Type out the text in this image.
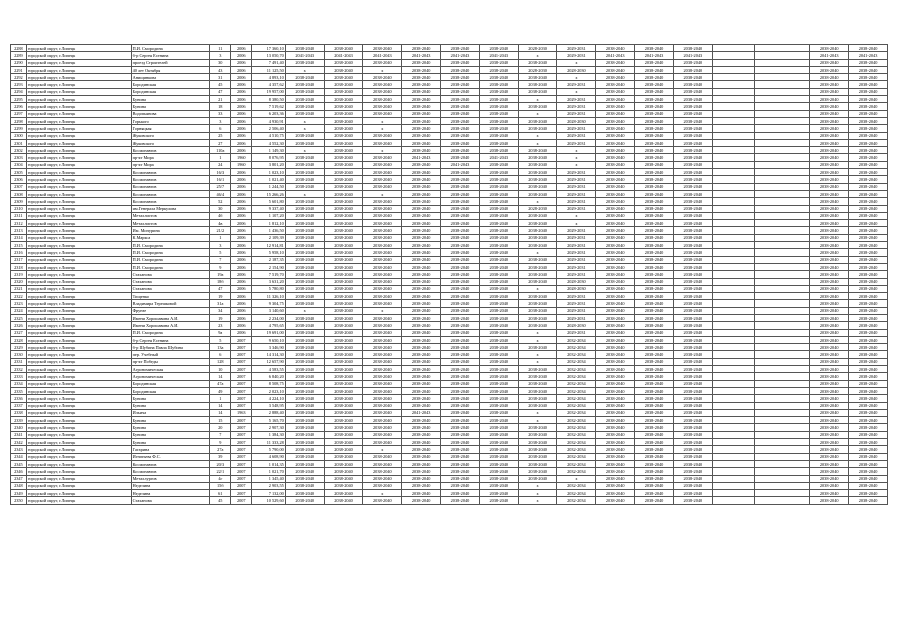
2288	городской округ, г.Липецк	П.И. Смородина	11	2006	17 360,10	2038-2040	2038-2040	2038-2040	2038-2040	2038-2040	2038-2040	2028-2030	2029-2031	2038-2040	2038-2040	2038-2040			2038-2040	2038-2040
2289	городской округ, г.Липецк	б-р Сергея Есенина	3	2006	13 050,70	2041-2043	2041-2043	2041-2043	2041-2043	2041-2043	2041-2043	х	2029-2031	2041-2043	2041-2043	2041-2043			2041-2043	2041-2043
2290	городской округ, г.Липецк	проезд Строителей	30	2006	7 491,40	2038-2040	2038-2040	2038-2040	2038-2040	2038-2040	2038-2040	2038-2040	х	2038-2040	2038-2040	2038-2040			2038-2040	2038-2040
2291	городской округ, г.Липецк	40 лет Октября	43	2006	11 125,50	х	2038-2040	х	2038-2040	2038-2040	2038-2040	2028-2030	2028-2030	2038-2040	2038-2040	2038-2040			2038-2040	2038-2040
2292	городской округ, г.Липецк	Анищинкова	31	2006	4 893,10	2038-2040	2038-2040	2038-2040	2038-2040	2038-2040	2038-2040	2038-2040	х	2038-2040	2038-2040	2038-2040			2038-2040	2038-2040
2293	городской округ, г.Липецк	Бородинская	45	2006	4 357,62	2038-2040	2038-2040	2038-2040	2038-2040	2038-2040	2038-2040	2038-2040	2029-2031	2038-2040	2038-2040	2038-2040			2038-2040	2038-2040
2294	городской округ, г.Липецк	Бородинская	47	2006	19 957,00	2038-2040	2038-2040	2038-2040	2038-2040	2038-2040	2038-2040	2038-2040	х	2038-2040	2038-2040	2038-2040			2038-2040	2038-2040
2295	городской округ, г.Липецк	Бунина	21	2006	8 380,50	2038-2040	2038-2040	2038-2040	2038-2040	2038-2040	2038-2040	х	2029-2031	2038-2040	2038-2040	2038-2040			2038-2040	2038-2040
2296	городской округ, г.Липецк	Бунина	18	2006	7 519,62	2038-2040	2038-2040	2038-2040	2038-2040	2038-2040	2038-2040	2038-2040	2029-2031	2038-2040	2038-2040	2038-2040			2038-2040	2038-2040
2297	городской округ, г.Липецк	Водопьянова	33	2006	6 203,36	2038-2040	2038-2040	2038-2040	2038-2040	2038-2040	2038-2040	х	2029-2031	2038-2040	2038-2040	2038-2040			2038-2040	2038-2040
2298	городской округ, г.Липецк	Горького	3	2006	4 930,91	х	2038-2040	х	2038-2040	2038-2040	2038-2040	2038-2040	2028-2030	2038-2040	2038-2040	2038-2040			2038-2040	2038-2040
2299	городской округ, г.Липецк	Горняцкая	6	2006	2 506,40	х	2038-2040	х	2038-2040	2038-2040	2038-2040	2038-2040	2029-2031	2038-2040	2038-2040	2038-2040			2038-2040	2038-2040
2300	городской округ, г.Липецк	Жуковского	25	2006	4 510,75	2038-2040	2038-2040	2038-2040	2038-2040	2038-2040	2038-2040	х	2029-2031	2038-2040	2038-2040	2038-2040			2038-2040	2038-2040
2301	городской округ, г.Липецк	Жуковского	27	2006	4 552,30	2038-2040	2038-2040	2038-2040	2038-2040	2038-2040	2038-2040	х	2029-2031	2038-2040	2038-2040	2038-2040			2038-2040	2038-2040
2302	городской округ, г.Липецк	Космонавтов	110а	2006	1 149,30	х	2038-2040	х	2038-2040	2038-2040	2038-2040	2038-2040	х	2038-2040	2038-2040	2038-2040			2038-2040	2038-2040
2303	городской округ, г.Липецк	пр-кт Мира	1	1960	8 076,95	2038-2040	2038-2040	2038-2040	2041-2043	2038-2040	2041-2043	2038-2040	х	2038-2040	2038-2040	2038-2040			2038-2040	2038-2040
2304	городской округ, г.Липецк	пр-кт Мира	24	1960	3 801,20	2038-2040	2038-2040	2038-2040	2038-2040	2041-2043	2038-2040	2038-2040	х	2038-2040	2038-2040	2038-2040			2038-2040	2038-2040
2305	городской округ, г.Липецк	Космонавтов	16/3	2006	1 023,10	2038-2040	2038-2040	2038-2040	2038-2040	2038-2040	2038-2040	2038-2040	2029-2031	2038-2040	2038-2040	2038-2040			2038-2040	2038-2040
2306	городской округ, г.Липецк	Космонавтов	16/1	2006	1 021,40	2038-2040	2038-2040	2038-2040	2038-2040	2038-2040	2038-2040	2038-2040	2029-2031	2038-2040	2038-2040	2038-2040			2038-2040	2038-2040
2307	городской округ, г.Липецк	Космонавтов	25/7	2006	1 244,50	2038-2040	2038-2040	2038-2040	2038-2040	2038-2040	2038-2040	2038-2040	2029-2031	2038-2040	2038-2040	2038-2040			2038-2040	2038-2040
2308	городской округ, г.Липецк	Космонавтов	46/4	2006	15 266,26	х	2038-2040	х	2038-2040	2038-2040	2038-2040	2038-2040	2029-2031	2038-2040	2038-2040	2038-2040			2038-2040	2038-2040
2309	городской округ, г.Липецк	Космонавтов	52	2006	5 601,80	2038-2040	2038-2040	2038-2040	2038-2040	2038-2040	2038-2040	х	2029-2031	2038-2040	2038-2040	2038-2040			2038-2040	2038-2040
2310	городской округ, г.Липецк	им.Генерала Меркулова	30	2006	9 337,40	2038-2040	2038-2040	2038-2040	2038-2040	2038-2040	2038-2040	2028-2030	2029-2031	2038-2040	2038-2040	2038-2040			2038-2040	2038-2040
2311	городской округ, г.Липецк	Металлистов	4б	2006	1 107,20	2038-2040	2038-2040	2038-2040	2038-2040	2038-2040	2038-2040	2038-2040	х	2038-2040	2038-2040	2038-2040			2038-2040	2038-2040
2312	городской округ, г.Липецк	Металлистов	4в	2006	1 812,10	2038-2040	2038-2040	2038-2040	2038-2040	2038-2040	2038-2040	2038-2040	х	2038-2040	2038-2040	2038-2040			2038-2040	2038-2040
2313	городской округ, г.Липецк	Им. Мичурина	21/2	2006	1 436,50	2038-2040	2038-2040	2038-2040	2038-2040	2038-2040	2038-2040	2038-2040	2029-2031	2038-2040	2038-2040	2038-2040			2038-2040	2038-2040
2314	городской округ, г.Липецк	К.Маркса	1	2006	2 109,39	2038-2040	2038-2040	2038-2040	2038-2040	2038-2040	2038-2040	2038-2040	2029-2031	2038-2040	2038-2040	2038-2040			2038-2040	2038-2040
2315	городской округ, г.Липецк	П.И. Смородина	3	2006	12 914,81	2038-2040	2038-2040	2038-2040	2038-2040	2038-2040	2038-2040	2038-2040	2029-2031	2038-2040	2038-2040	2038-2040			2038-2040	2038-2040
2316	городской округ, г.Липецк	П.И. Смородина	5	2006	5 958,10	2038-2040	2038-2040	2038-2040	2038-2040	2038-2040	2038-2040	х	2029-2031	2038-2040	2038-2040	2038-2040			2038-2040	2038-2040
2317	городской округ, г.Липецк	П.И. Смородина	7	2006	2 187,35	2038-2040	2038-2040	2038-2040	2038-2040	2038-2040	2038-2040	2038-2040	2029-2031	2038-2040	2038-2040	2038-2040			2038-2040	2038-2040
2318	городской округ, г.Липецк	П.И. Смородина	9	2006	2 154,90	2038-2040	2038-2040	2038-2040	2038-2040	2038-2040	2038-2040	2038-2040	2029-2031	2038-2040	2038-2040	2038-2040			2038-2040	2038-2040
2319	городской округ, г.Липецк	Стаханова	19а	2006	7 519,70	2038-2040	2038-2040	2038-2040	2038-2040	2038-2040	2038-2040	2038-2040	2029-2031	2038-2040	2038-2040	2038-2040			2038-2040	2038-2040
2320	городской округ, г.Липецк	Стаханова	18б	2006	3 631,20	2038-2040	2038-2040	2038-2040	2038-2040	2038-2040	2038-2040	2038-2040	2028-2030	2038-2040	2038-2040	2038-2040			2038-2040	2038-2040
2321	городской округ, г.Липецк	Стаханова	47	2006	5 780,80	2038-2040	2038-2040	2038-2040	2038-2040	2038-2040	2038-2040	х	2028-2030	2038-2040	2038-2040	2038-2040			2038-2040	2038-2040
2322	городской округ, г.Липецк	Тищенко	19	2006	11 326,10	2038-2040	2038-2040	2038-2040	2038-2040	2038-2040	2038-2040	2038-2040	2029-2031	2038-2040	2038-2040	2038-2040			2038-2040	2038-2040
2323	городской округ, г.Липецк	Владимира Терешковой	31а	2006	9 304,75	2038-2040	2038-2040	2038-2040	2038-2040	2038-2040	2038-2040	2038-2040	2029-2031	2038-2040	2038-2040	2038-2040			2038-2040	2038-2040
2324	городской округ, г.Липецк	Фрунзе	34	2006	3 140,60	х	2038-2040	х	2038-2040	2038-2040	2038-2040	2038-2040	2029-2031	2038-2040	2038-2040	2038-2040			2038-2040	2038-2040
2325	городской округ, г.Липецк	Имени Хорошавина А.И.	19	2006	2 234,00	2038-2040	2038-2040	2038-2040	2038-2040	2038-2040	2038-2040	2038-2040	2029-2031	2038-2040	2038-2040	2038-2040			2038-2040	2038-2040
2326	городской округ, г.Липецк	Имени Хорошавина А.И.	23	2006	4 795,65	2038-2040	2038-2040	2038-2040	2038-2040	2038-2040	2038-2040	2038-2040	2028-2030	2038-2040	2038-2040	2038-2040			2038-2040	2038-2040
2327	городской округ, г.Липецк	П.И. Смородина	9а	2006	19 691,00	2038-2040	2038-2040	2038-2040	2038-2040	2038-2040	2038-2040	х	2029-2031	2038-2040	2038-2040	2038-2040			2038-2040	2038-2040
2328	городской округ, г.Липецк	б-р Сергея Есенина	5	2007	9 650,10	2038-2040	2038-2040	2038-2040	2038-2040	2038-2040	2038-2040	х	2032-2034	2038-2040	2038-2040	2038-2040			2038-2040	2038-2040
2329	городской округ, г.Липецк	б-р Шубина Павла Шубина	13а	2007	3 346,90	2038-2040	2038-2040	2038-2040	2038-2040	2038-2040	2038-2040	2038-2040	2032-2034	2038-2040	2038-2040	2038-2040			2038-2040	2038-2040
2330	городской округ, г.Липецк	пер. Учебный	6	2007	14 314,30	2038-2040	2038-2040	2038-2040	2038-2040	2038-2040	2038-2040	х	2032-2034	2038-2040	2038-2040	2038-2040			2038-2040	2038-2040
2331	городской округ, г.Липецк	пр-кт Победы	128	2007	12 657,90	2038-2040	2038-2040	2038-2040	2038-2040	2038-2040	2038-2040	х	2032-2034	2038-2040	2038-2040	2038-2040			2038-2040	2038-2040
2332	городской округ, г.Липецк	Агрономическая	10	2007	4 583,55	2038-2040	2038-2040	2038-2040	2038-2040	2038-2040	2038-2040	2038-2040	2032-2034	2038-2040	2038-2040	2038-2040			2038-2040	2038-2040
2333	городской округ, г.Липецк	Агрономическая	14	2007	6 840,20	2038-2040	2038-2040	2038-2040	2038-2040	2038-2040	2038-2040	2038-2040	2032-2034	2038-2040	2038-2040	2038-2040			2038-2040	2038-2040
2334	городской округ, г.Липецк	Бородинская	47а	2007	8 508,75	2038-2040	2038-2040	2038-2040	2038-2040	2038-2040	2038-2040	2038-2040	2032-2034	2038-2040	2038-2040	2038-2040			2038-2040	2038-2040
2335	городской округ, г.Липецк	Бородинская	49	2007	2 023,10	2038-2040	2038-2040	2038-2040	2038-2040	2038-2040	2038-2040	2038-2040	2032-2034	2038-2040	2038-2040	2038-2040			2038-2040	2038-2040
2336	городской округ, г.Липецк	Бунина	1	2007	4 224,10	2038-2040	2038-2040	2038-2040	2038-2040	2038-2040	2038-2040	2038-2040	2032-2034	2038-2040	2038-2040	2038-2040			2038-2040	2038-2040
2337	городской округ, г.Липецк	Бунина	14	2007	3 548,95	2038-2040	2038-2040	2038-2040	2038-2040	2038-2040	2038-2040	2038-2040	2032-2034	2038-2040	2038-2040	2038-2040			2038-2040	2038-2040
2338	городской округ, г.Липецк	Ильича	14	1963	2 888,40	2038-2040	2038-2040	2038-2040	2041-2043	2038-2040	2038-2040	х	2032-2034	2038-2040	2038-2040	2038-2040			2038-2040	2038-2040
2339	городской округ, г.Липецк	Бунина	15	2007	5 165,70	2038-2040	2038-2040	2038-2040	2038-2040	2038-2040	2038-2040	х	2032-2034	2038-2040	2038-2040	2038-2040			2038-2040	2038-2040
2340	городской округ, г.Липецк	Бунина	20	2007	2 907,30	2038-2040	2038-2040	2038-2040	2038-2040	2038-2040	2038-2040	2038-2040	2032-2034	2038-2040	2038-2040	2038-2040			2038-2040	2038-2040
2341	городской округ, г.Липецк	Бунина	7	2007	1 384,30	2038-2040	2038-2040	2038-2040	2038-2040	2038-2040	2038-2040	2038-2040	2032-2034	2038-2040	2038-2040	2038-2040			2038-2040	2038-2040
2342	городской округ, г.Липецк	Бунина	9	2007	11 333,28	2038-2040	2038-2040	2038-2040	2038-2040	2038-2040	2038-2040	2038-2040	2032-2034	2038-2040	2038-2040	2038-2040			2038-2040	2038-2040
2343	городской округ, г.Липецк	Гагарина	27а	2007	5 790,00	2038-2040	2038-2040	х	2038-2040	2038-2040	2038-2040	2038-2040	2032-2034	2038-2040	2038-2040	2038-2040			2038-2040	2038-2040
2344	городской округ, г.Липецк	Игнатьева Ф.С.	39	2007	4 608,90	2038-2040	2038-2040	2038-2040	2038-2040	2038-2040	2038-2040	2038-2040	2032-2034	2038-2040	2038-2040	2038-2040			2038-2040	2038-2040
2345	городской округ, г.Липецк	Космонавтов	20/3	2007	1 014,35	2038-2040	2038-2040	2038-2040	2038-2040	2038-2040	2038-2040	2038-2040	2032-2034	2038-2040	2038-2040	2038-2040			2038-2040	2038-2040
2346	городской округ, г.Липецк	Космонавтов	22/1	2007	1 021,70	2038-2040	2038-2040	2038-2040	2038-2040	2038-2040	2038-2040	2038-2040	2032-2034	2038-2040	2038-2040	2038-2040			2038-2040	2038-2040
2347	городской округ, г.Липецк	Металлургов	4г	2007	1 345,40	2038-2040	2038-2040	2038-2040	2038-2040	2038-2040	2038-2040	2038-2040	х	2038-2040	2038-2040	2038-2040			2038-2040	2038-2040
2348	городской округ, г.Липецк	Неделина	15б	2007	2 903,55	2038-2040	2038-2040	2038-2040	2038-2040	2038-2040	2038-2040	х	2032-2034	2038-2040	2038-2040	2038-2040			2038-2040	2038-2040
2349	городской округ, г.Липецк	Неделина	61	2007	7 132,00	2038-2040	2038-2040	х	2038-2040	2038-2040	2038-2040	х	2032-2034	2038-2040	2038-2040	2038-2040			2038-2040	2038-2040
2350	городской округ, г.Липецк	Стаханова	45	2007	10 529,60	2038-2040	2038-2040	2038-2040	2038-2040	2038-2040	2038-2040	х	2032-2034	2038-2040	2038-2040	2038-2040			2038-2040	2038-2040
